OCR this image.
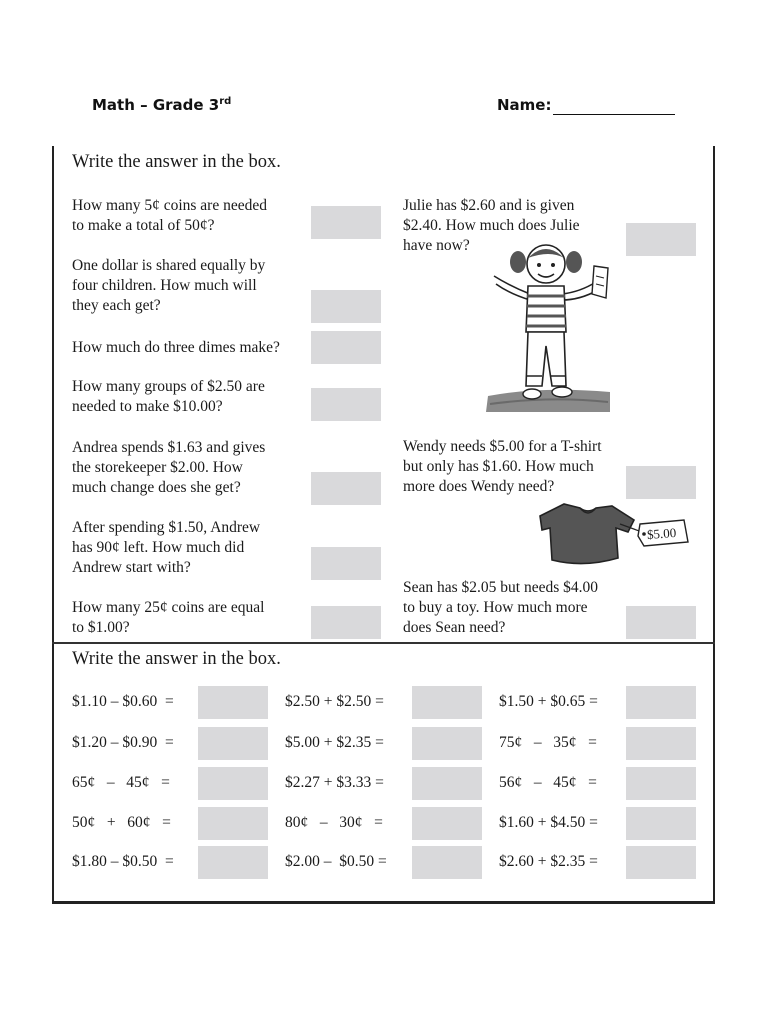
Math – Grade 3rd	Name:
Write the answer in the box.
How many 5¢ coins are needed
to make a total of 50¢?
One dollar is shared equally by
four children. How much will
they each get?
How much do three dimes make?
How many groups of $2.50 are
needed to make $10.00?
Andrea spends $1.63 and gives
the storekeeper $2.00. How
much change does she get?
After spending $1.50, Andrew
has 90¢ left. How much did
Andrew start with?
How many 25¢ coins are equal
to $1.00?
Julie has $2.60 and is given
$2.40. How much does Julie
have now?
Wendy needs $5.00 for a T-shirt
but only has $1.60. How much
more does Wendy need?
$5.00
Sean has $2.05 but needs $4.00
to buy a toy. How much more
does Sean need?
Write the answer in the box.
$1.10 – $0.60  =
$1.20 – $0.90  =
65¢   –   45¢   =
50¢   +   60¢   =
$1.80 – $0.50  =
$2.50 + $2.50 =
$5.00 + $2.35 =
$2.27 + $3.33 =
80¢   –   30¢   =
$2.00 –  $0.50 =
$1.50 + $0.65 =
75¢   –   35¢   =
56¢   –   45¢   =
$1.60 + $4.50 =
$2.60 + $2.35 =
